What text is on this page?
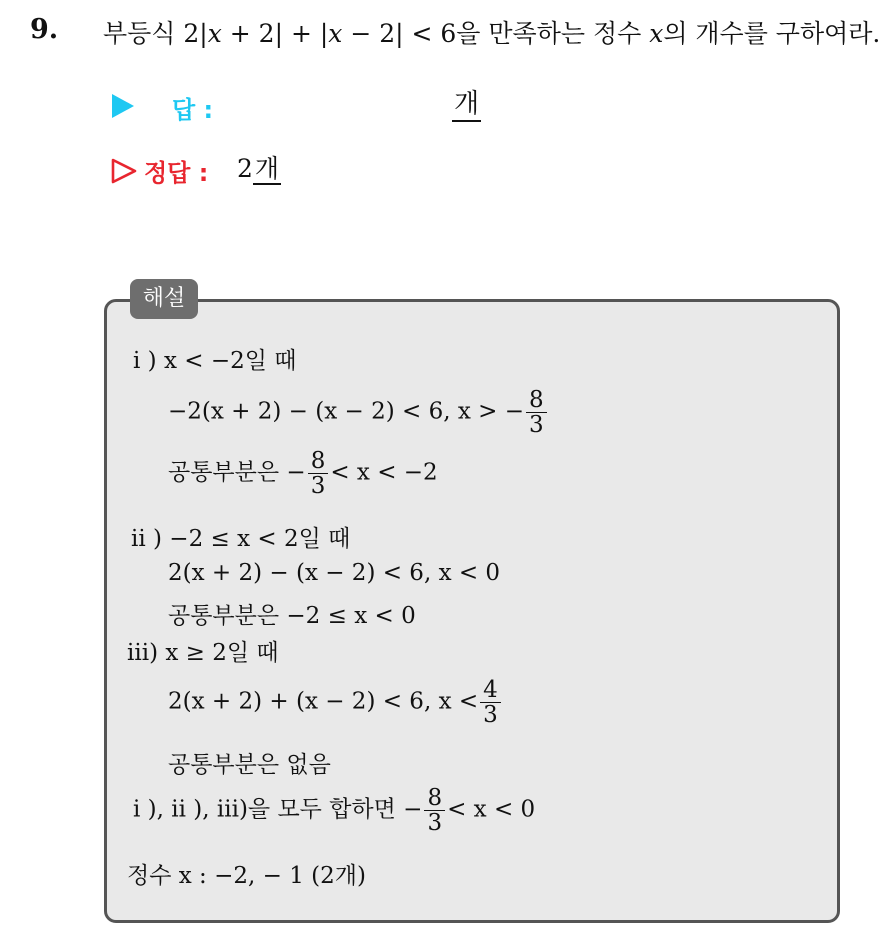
9. 부등식 2|x + 2| + |x − 2| < 6을 만족하는 정수 x의 개수를 구하여라.
답 :	개
정답 : 2개
해설
i ) x < −2일 때
−2(x + 2) − (x − 2) < 6, x > − $\frac{8}{3}$
공통부분은 − $\frac{8}{3} < x < -2$
ii ) −2 ≤ x < 2일 때
2(x + 2) − (x − 2) < 6, x < 0
공통부분은 −2 ≤ x < 0
iii) x ≥ 2일 때
2(x + 2) + (x − 2) < 6, $x < \frac{4}{3}$
공통부분은 없음
i ), ii ), iii)을 모두 합하면 − $\frac{8}{3} < x < 0$
정수 x : −2, − 1 (2개)
